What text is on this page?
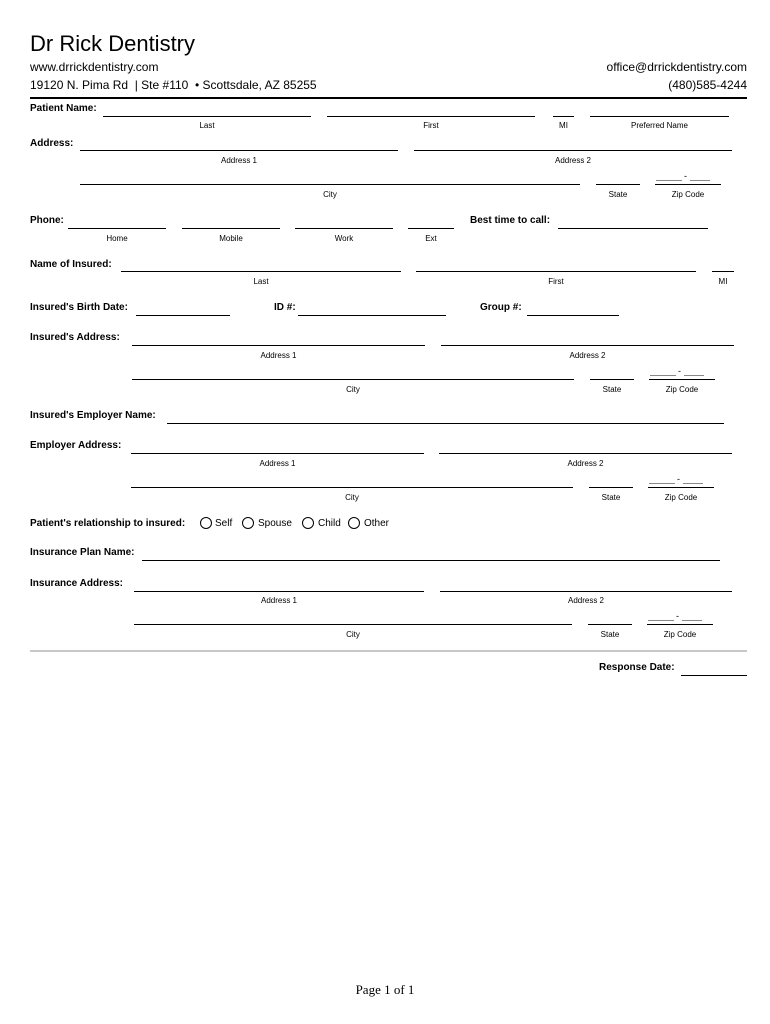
Dr Rick Dentistry
www.drrickdentistry.com	office@drrickdentistry.com
19120 N. Pima Rd  | Ste #110  • Scottsdale, AZ 85255	(480)585-4244
Patient Name:
Last	First	MI	Preferred Name
Address:
Address 1	Address 2
-
City	State	Zip Code
Phone:
Home	Mobile	Work	Ext
Best time to call:
Name of Insured:
Last	First	MI
Insured's Birth Date:	ID #:	Group #:
Insured's Address:
Address 1	Address 2
-
City	State	Zip Code
Insured's Employer Name:
Employer Address:
Address 1	Address 2
-
City	State	Zip Code
Patient's relationship to insured:	Self	Spouse	Child Other
Insurance Plan Name:
Insurance Address:
Address 1	Address 2
-
City	State	Zip Code
Response Date:
Page 1 of 1
